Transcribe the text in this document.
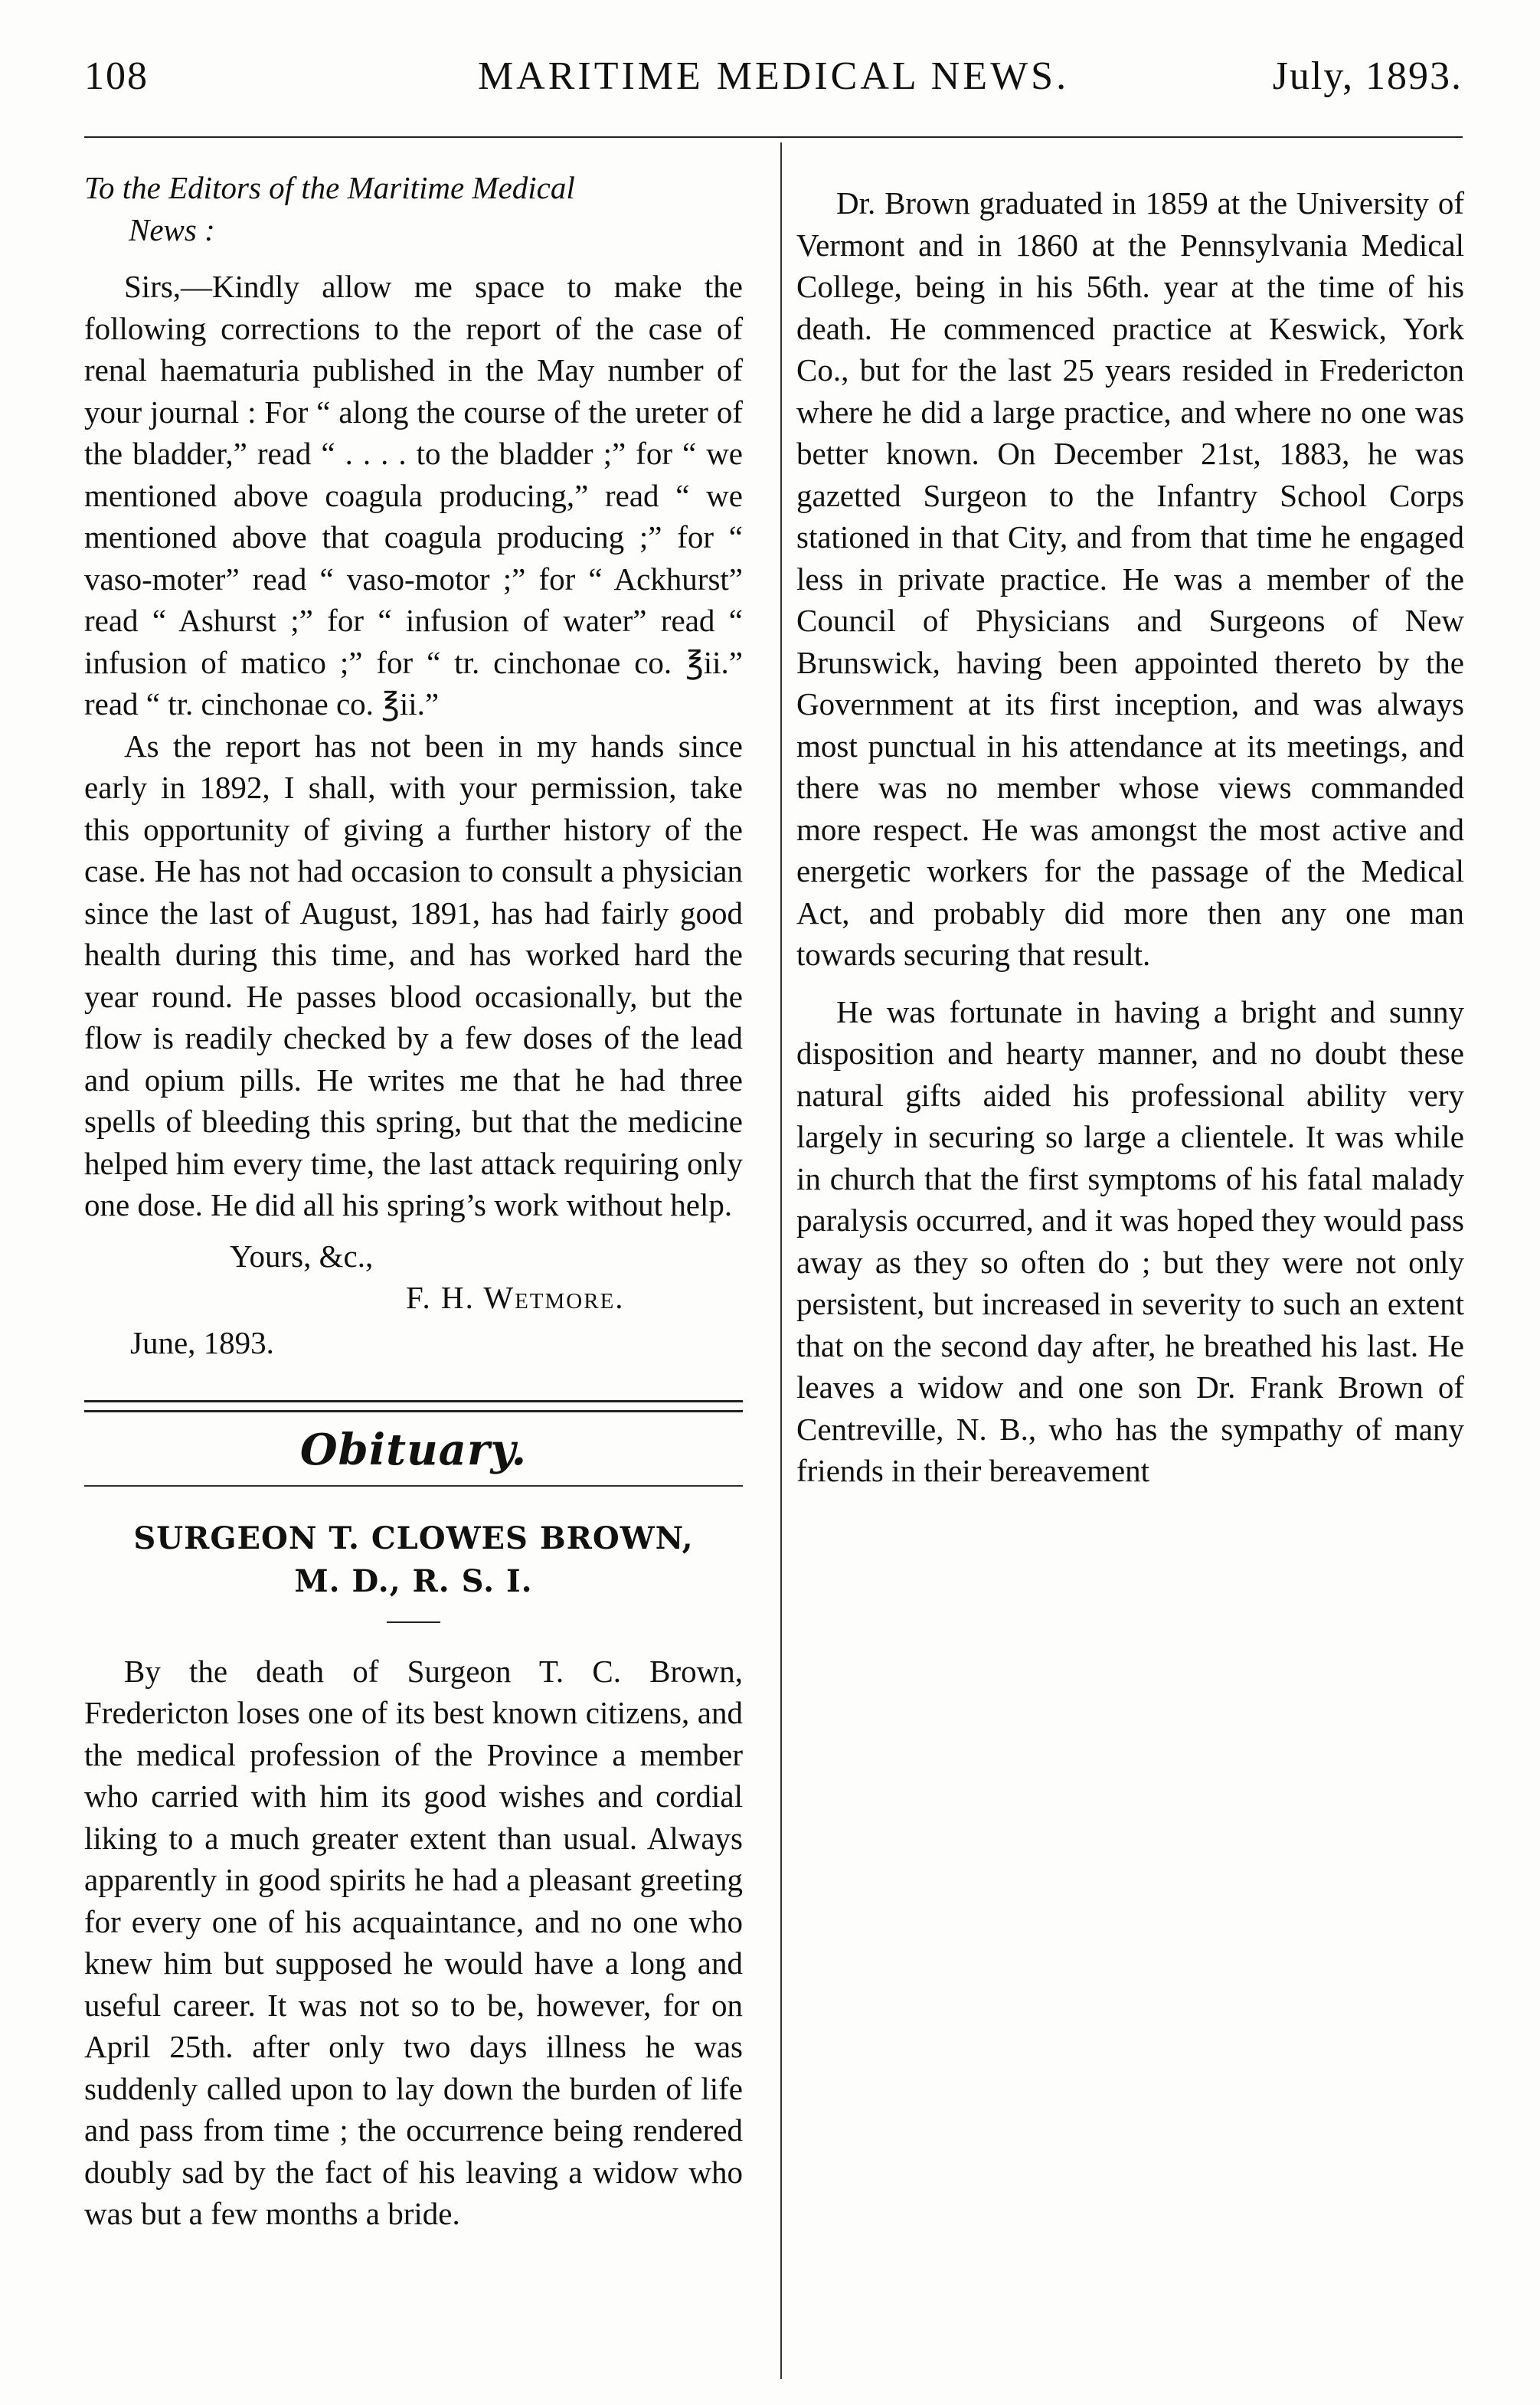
108	MARITIME MEDICAL NEWS.	July, 1893.
To the Editors of the Maritime Medical
News :

Sirs,—Kindly allow me space to make the following corrections to the report of the case of renal haematuria published in the May number of your journal : For “ along the course of the ureter of the bladder,” read “ . . . . to the bladder ;” for “ we mentioned above coagula producing,” read “ we mentioned above that coagula producing ;” for “ vaso-moter” read “ vaso-motor ;” for “ Ackhurst” read “ Ashurst ;” for “ infusion of water” read “ infusion of matico ;” for “ tr. cinchonae co. ℥ii.” read “ tr. cinchonae co. ℥ii.”

As the report has not been in my hands since early in 1892, I shall, with your permission, take this opportunity of giving a further history of the case. He has not had occasion to consult a physician since the last of August, 1891, has had fairly good health during this time, and has worked hard the year round. He passes blood occasionally, but the flow is readily checked by a few doses of the lead and opium pills. He writes me that he had three spells of bleeding this spring, but that the medicine helped him every time, the last attack requiring only one dose. He did all his spring’s work without help.

Yours, &c.,
F. H. Wetmore.
June, 1893.
Obituary.
SURGEON T. CLOWES BROWN,
M. D., R. S. I.

By the death of Surgeon T. C. Brown, Fredericton loses one of its best known citizens, and the medical profession of the Province a member who carried with him its good wishes and cordial liking to a much greater extent than usual. Always apparently in good spirits he had a pleasant greeting for every one of his acquaintance, and no one who knew him but supposed he would have a long and useful career. It was not so to be, however, for on April 25th. after only two days illness he was suddenly called upon to lay down the burden of life and pass from time ; the occurrence being rendered doubly sad by the fact of his leaving a widow who was but a few months a bride.

Dr. Brown graduated in 1859 at the University of Vermont and in 1860 at the Pennsylvania Medical College, being in his 56th. year at the time of his death. He commenced practice at Keswick, York Co., but for the last 25 years resided in Fredericton where he did a large practice, and where no one was better known. On December 21st, 1883, he was gazetted Surgeon to the Infantry School Corps stationed in that City, and from that time he engaged less in private practice. He was a member of the Council of Physicians and Surgeons of New Brunswick, having been appointed thereto by the Government at its first inception, and was always most punctual in his attendance at its meetings, and there was no member whose views commanded more respect. He was amongst the most active and energetic workers for the passage of the Medical Act, and probably did more then any one man towards securing that result.

He was fortunate in having a bright and sunny disposition and hearty manner, and no doubt these natural gifts aided his professional ability very largely in securing so large a clientele. It was while in church that the first symptoms of his fatal malady paralysis occurred, and it was hoped they would pass away as they so often do ; but they were not only persistent, but increased in severity to such an extent that on the second day after, he breathed his last. He leaves a widow and one son Dr. Frank Brown of Centreville, N. B., who has the sympathy of many friends in their bereavement
